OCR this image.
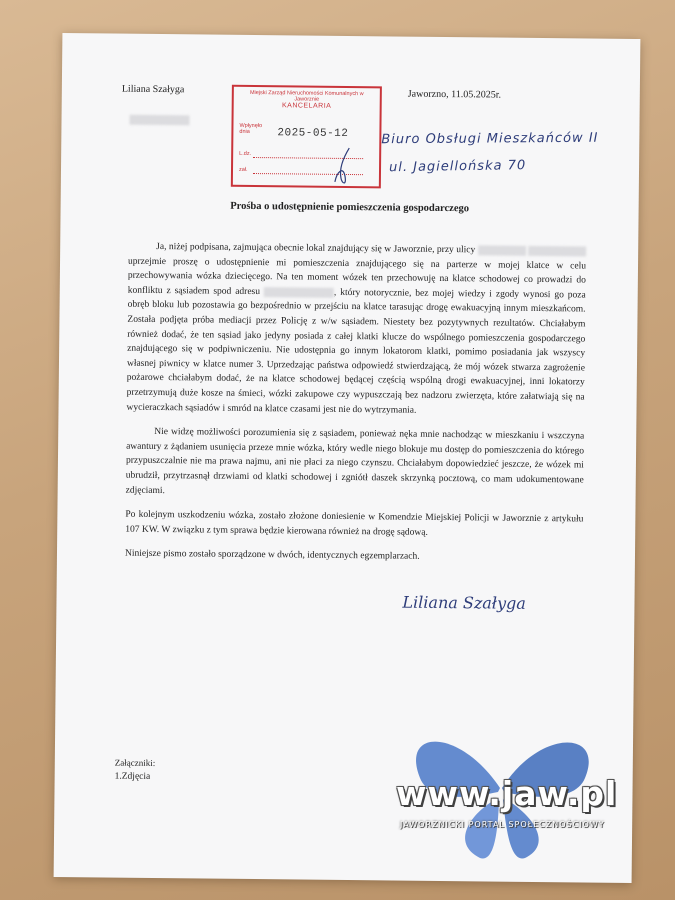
Liliana Szałyga	Jaworzno, 11.05.2025r.
Miejski Zarząd Nieruchomości Komunalnych w Jaworznie
KANCELARIA
Wpłynęło dnia	2025-05-12
L.dz.
zał.
Biuro Obsługi Mieszkańców II
ul. Jagiellońska 70
Prośba o udostępnienie pomieszczenia gospodarczego

Ja, niżej podpisana, zajmująca obecnie lokal znajdujący się w Jaworznie, przy ulicy   uprzejmie proszę o udostępnienie mi pomieszczenia znajdującego się na parterze w mojej klatce w celu przechowywania wózka dziecięcego. Na ten moment wózek ten przechowuję na klatce schodowej co prowadzi do konfliktu z sąsiadem spod adresu	, który notorycznie, bez mojej wiedzy i zgody wynosi go poza obręb bloku lub pozostawia go bezpośrednio w przejściu na klatce tarasując drogę ewakuacyjną innym mieszkańcom. Została podjęta próba mediacji przez Policję z w/w sąsiadem. Niestety bez pozytywnych rezultatów. Chciałabym również dodać, że ten sąsiad jako jedyny posiada z całej klatki klucze do wspólnego pomieszczenia gospodarczego znajdującego się w podpiwniczeniu. Nie udostępnia go innym lokatorom klatki, pomimo posiadania jak wszyscy własnej piwnicy w klatce numer 3. Uprzedzając państwa odpowiedź stwierdzającą, że mój wózek stwarza zagrożenie pożarowe chciałabym dodać, że na klatce schodowej będącej częścią wspólną drogi ewakuacyjnej, inni lokatorzy przetrzymują duże kosze na śmieci, wózki zakupowe czy wypuszczają bez nadzoru zwierzęta, które załatwiają się na wycieraczkach sąsiadów i smród na klatce czasami jest nie do wytrzymania.

Nie widzę możliwości porozumienia się z sąsiadem, ponieważ nęka mnie nachodząc w mieszkaniu i wszczyna awantury z żądaniem usunięcia przeze mnie wózka, który wedle niego blokuje mu dostęp do pomieszczenia do którego przypuszczalnie nie ma prawa najmu, ani nie płaci za niego czynszu. Chciałabym dopowiedzieć jeszcze, że wózek mi ubrudził, przytrzasnął drzwiami od klatki schodowej i zgniótł daszek skrzynką pocztową, co mam udokumentowane zdjęciami.

Po kolejnym uszkodzeniu wózka, zostało złożone doniesienie w Komendzie Miejskiej Policji w Jaworznie z artykułu 107 KW. W związku z tym sprawa będzie kierowana również na drogę sądową.

Niniejsze pismo zostało sporządzone w dwóch, identycznych egzemplarzach.

Liliana Szałyga
Załączniki:
1.Zdjęcia	www.jaw.pl
JAWORZNICKI PORTAL SPOŁECZNOŚCIOWY
